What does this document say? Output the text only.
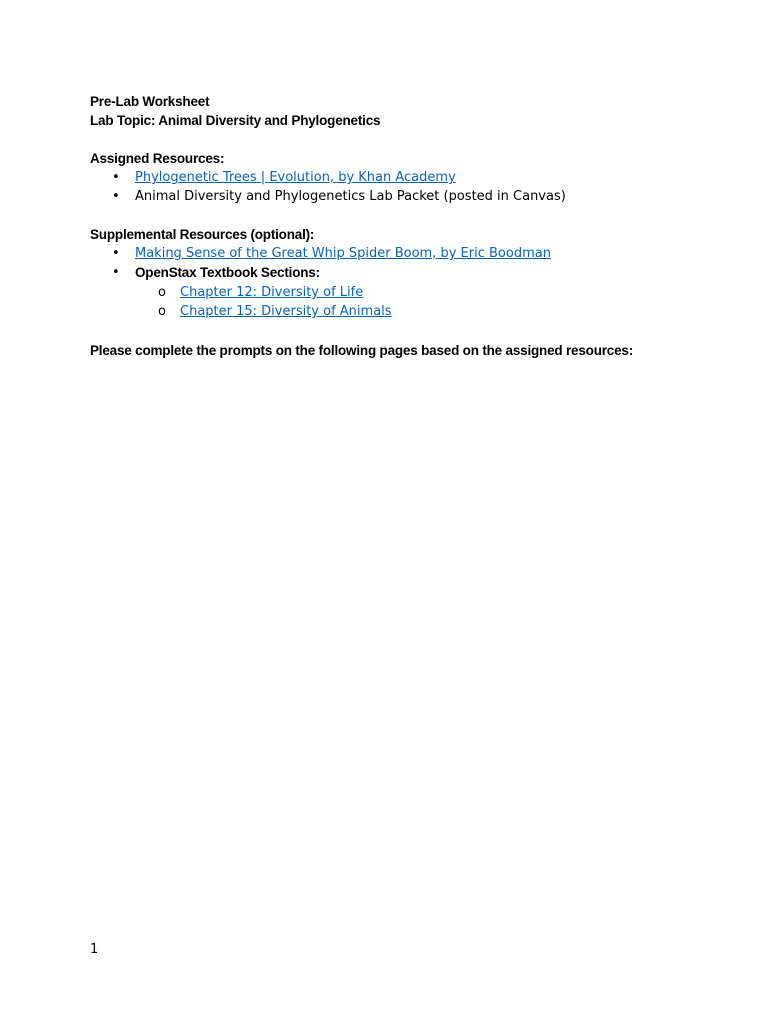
Pre-Lab Worksheet
Lab Topic: Animal Diversity and Phylogenetics
Assigned Resources:
• Phylogenetic Trees | Evolution, by Khan Academy
• Animal Diversity and Phylogenetics Lab Packet (posted in Canvas)
Supplemental Resources (optional):
• Making Sense of the Great Whip Spider Boom, by Eric Boodman
• OpenStax Textbook Sections:
o Chapter 12: Diversity of Life
o Chapter 15: Diversity of Animals
Please complete the prompts on the following pages based on the assigned resources:
1
